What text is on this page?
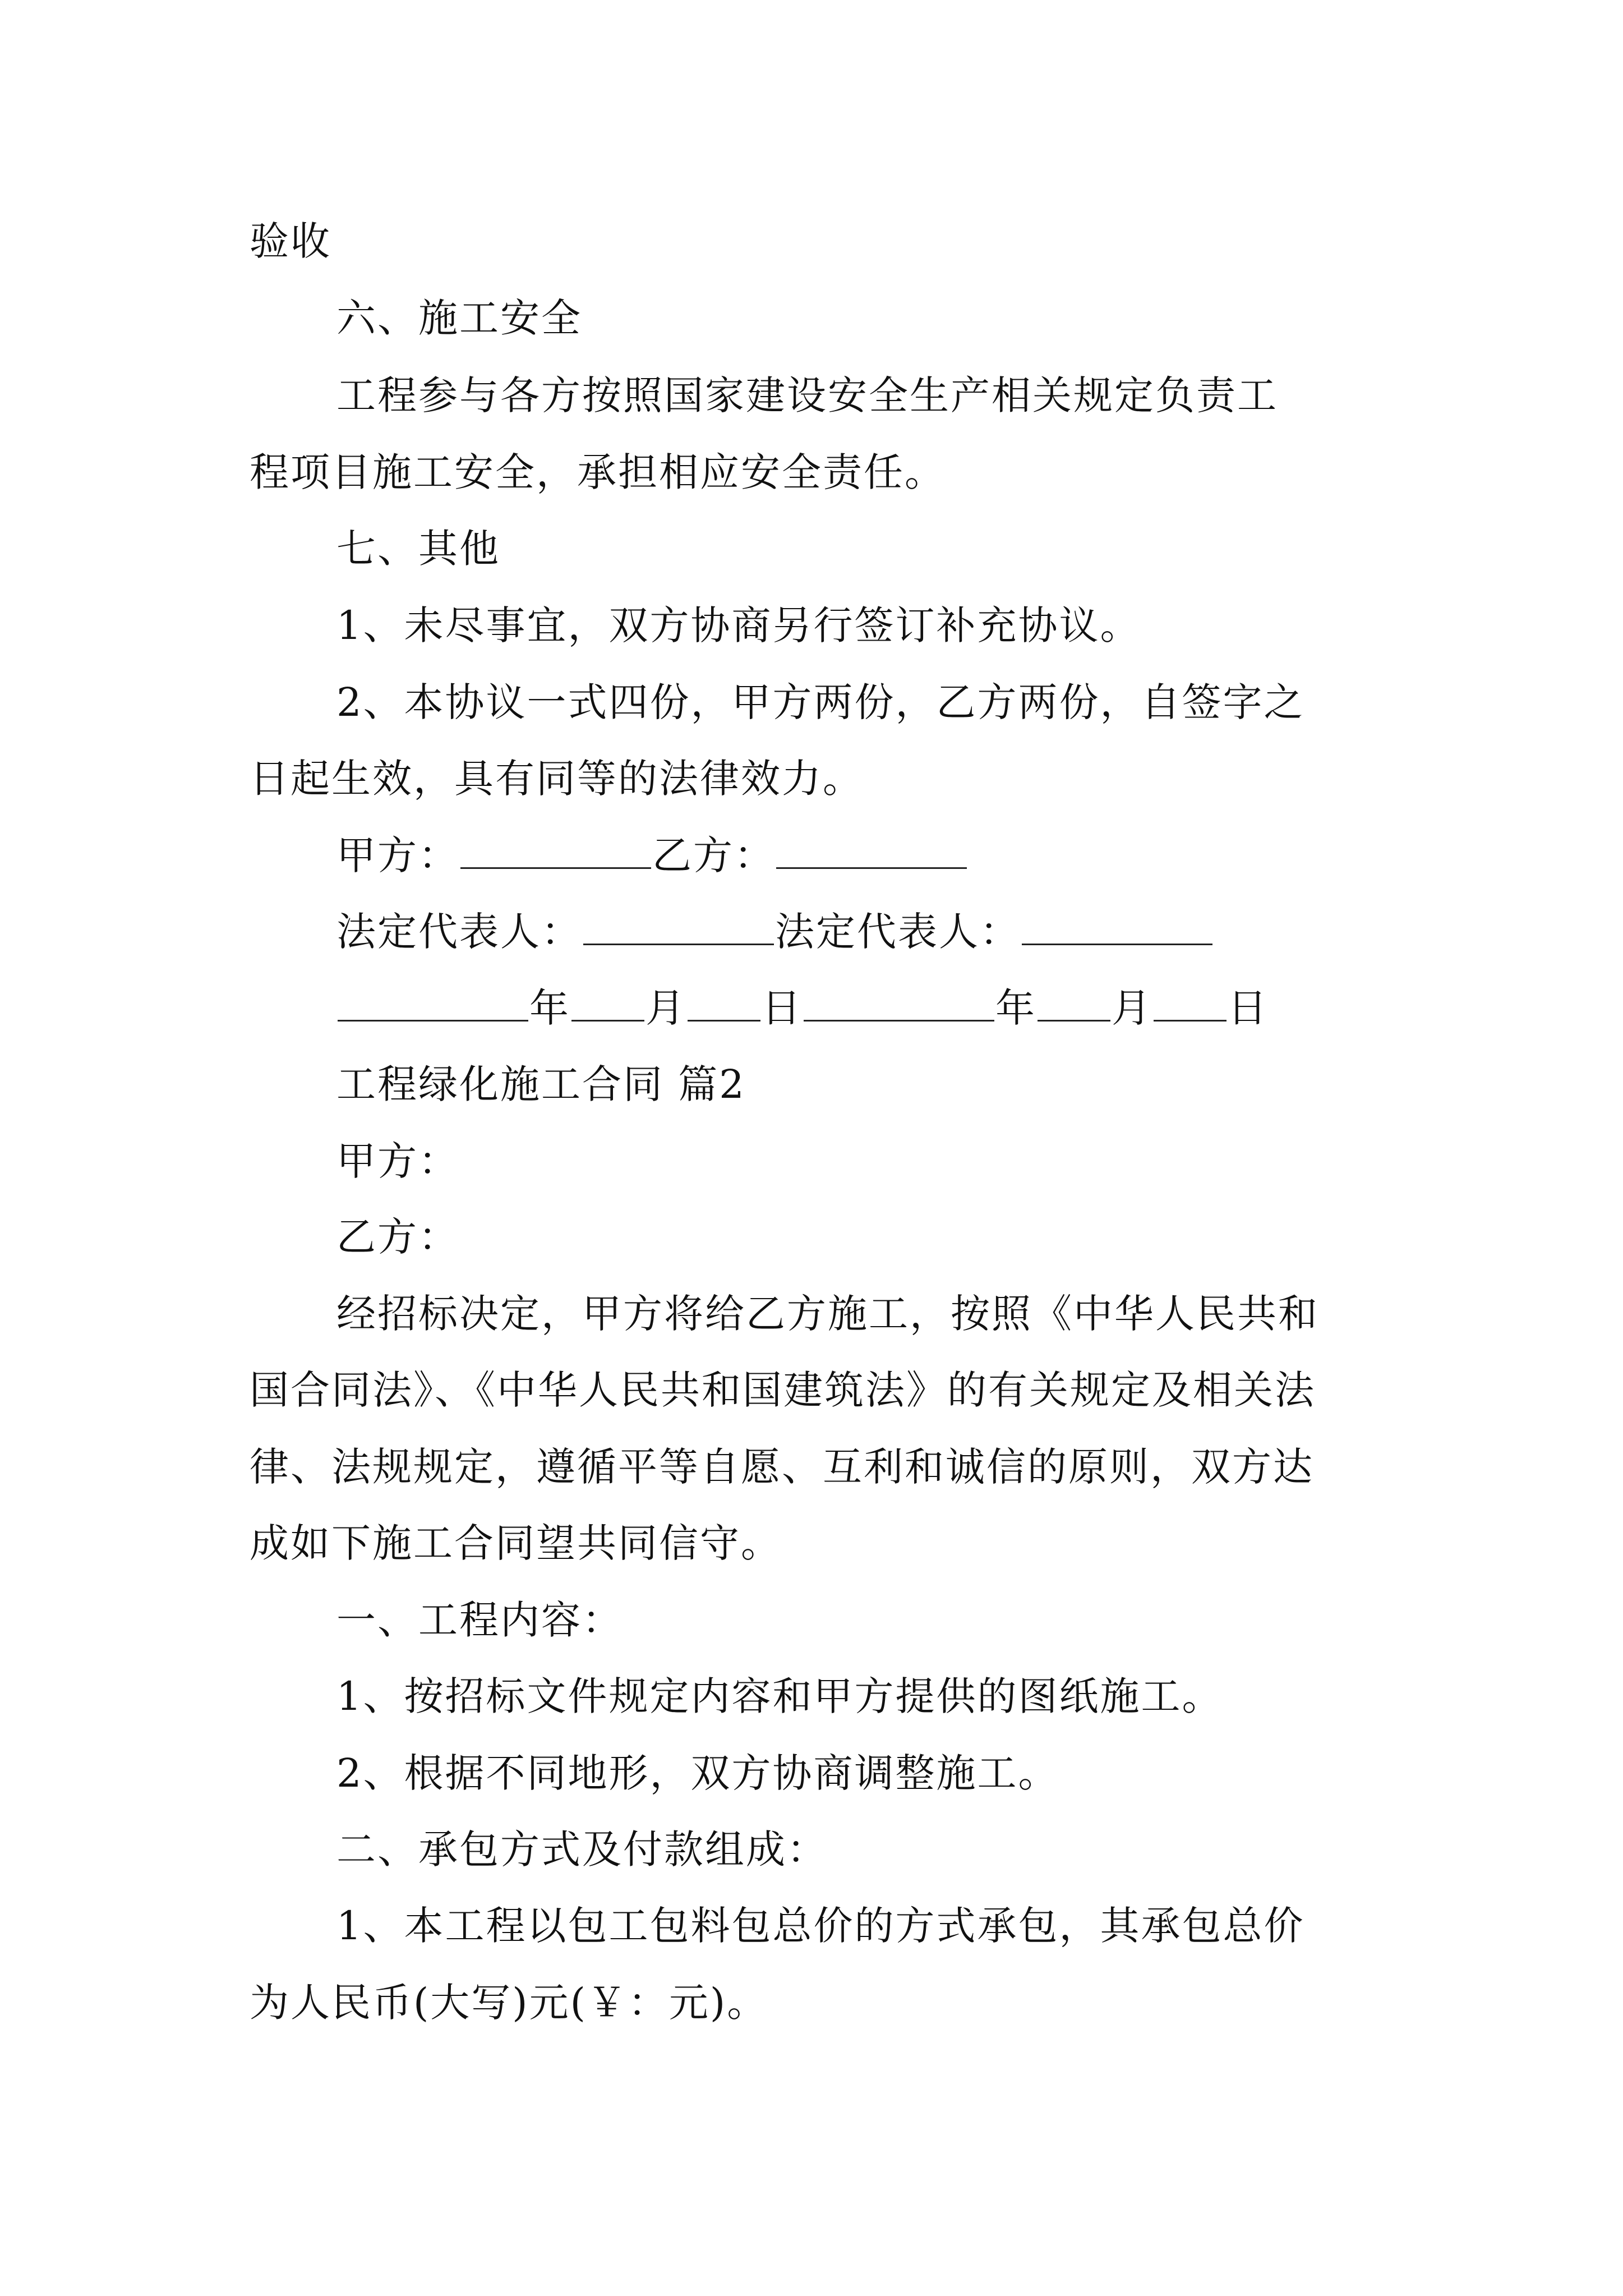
验收
六、施工安全
工程参与各方按照国家建设安全生产相关规定负责工
程项目施工安全，承担相应安全责任。
七、其他
1、未尽事宜，双方协商另行签订补充协议。
2、本协议一式四份，甲方两份，乙方两份，自签字之
日起生效，具有同等的法律效力。
甲方：	乙方：
法定代表人：	法定代表人：
年 月 日	年 月 日
工程绿化施工合同 篇2
甲方：
乙方：
经招标决定，甲方将给乙方施工，按照《中华人民共和
国合同法》、《中华人民共和国建筑法》的有关规定及相关法
律、法规规定，遵循平等自愿、互利和诚信的原则，双方达
成如下施工合同望共同信守。
一、工程内容：
1、按招标文件规定内容和甲方提供的图纸施工。
2、根据不同地形，双方协商调整施工。
二、承包方式及付款组成：
1、本工程以包工包料包总价的方式承包，其承包总价
为人民币(大写)元(￥：元)。
